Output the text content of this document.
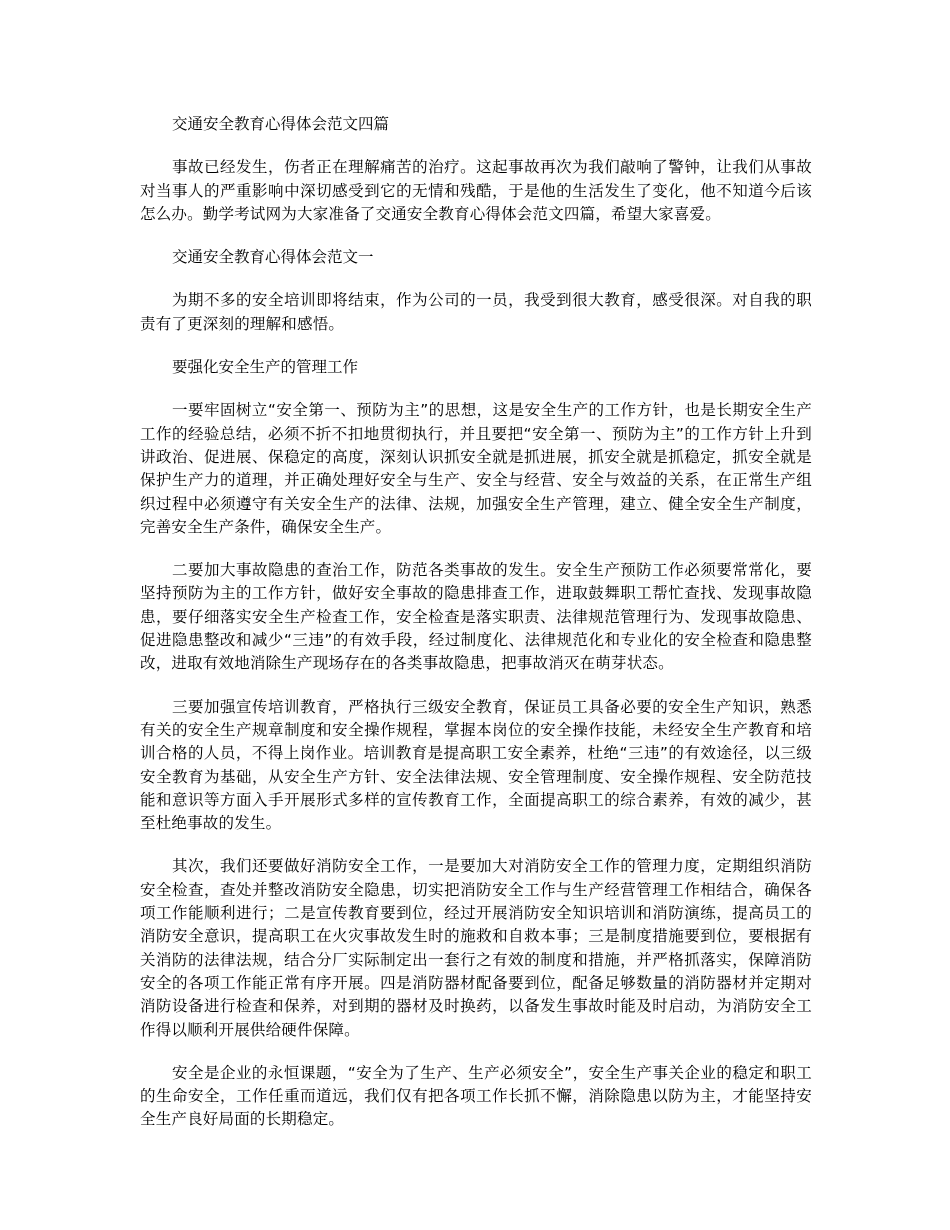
交通安全教育心得体会范文四篇

事故已经发生，伤者正在理解痛苦的治疗。这起事故再次为我们敲响了警钟，让我们从事故对当事人的严重影响中深切感受到它的无情和残酷，于是他的生活发生了变化，他不知道今后该怎么办。勤学考试网为大家准备了交通安全教育心得体会范文四篇，希望大家喜爱。

交通安全教育心得体会范文一

为期不多的安全培训即将结束，作为公司的一员，我受到很大教育，感受很深。对自我的职责有了更深刻的理解和感悟。

要强化安全生产的管理工作

一要牢固树立“安全第一、预防为主”的思想，这是安全生产的工作方针，也是长期安全生产工作的经验总结，必须不折不扣地贯彻执行，并且要把“安全第一、预防为主”的工作方针上升到讲政治、促进展、保稳定的高度，深刻认识抓安全就是抓进展，抓安全就是抓稳定，抓安全就是保护生产力的道理，并正确处理好安全与生产、安全与经营、安全与效益的关系，在正常生产组织过程中必须遵守有关安全生产的法律、法规，加强安全生产管理，建立、健全安全生产制度，完善安全生产条件，确保安全生产。

二要加大事故隐患的查治工作，防范各类事故的发生。安全生产预防工作必须要常常化，要坚持预防为主的工作方针，做好安全事故的隐患排查工作，进取鼓舞职工帮忙查找、发现事故隐患，要仔细落实安全生产检查工作，安全检查是落实职责、法律规范管理行为、发现事故隐患、促进隐患整改和减少“三违”的有效手段，经过制度化、法律规范化和专业化的安全检查和隐患整改，进取有效地消除生产现场存在的各类事故隐患，把事故消灭在萌芽状态。

三要加强宣传培训教育，严格执行三级安全教育，保证员工具备必要的安全生产知识，熟悉有关的安全生产规章制度和安全操作规程，掌握本岗位的安全操作技能，未经安全生产教育和培训合格的人员，不得上岗作业。培训教育是提高职工安全素养，杜绝“三违”的有效途径，以三级安全教育为基础，从安全生产方针、安全法律法规、安全管理制度、安全操作规程、安全防范技能和意识等方面入手开展形式多样的宣传教育工作，全面提高职工的综合素养，有效的减少，甚至杜绝事故的发生。

其次，我们还要做好消防安全工作，一是要加大对消防安全工作的管理力度，定期组织消防安全检查，查处并整改消防安全隐患，切实把消防安全工作与生产经营管理工作相结合，确保各项工作能顺利进行；二是宣传教育要到位，经过开展消防安全知识培训和消防演练，提高员工的消防安全意识，提高职工在火灾事故发生时的施救和自救本事；三是制度措施要到位，要根据有关消防的法律法规，结合分厂实际制定出一套行之有效的制度和措施，并严格抓落实，保障消防安全的各项工作能正常有序开展。四是消防器材配备要到位，配备足够数量的消防器材并定期对消防设备进行检查和保养，对到期的器材及时换药，以备发生事故时能及时启动，为消防安全工作得以顺利开展供给硬件保障。

安全是企业的永恒课题，“安全为了生产、生产必须安全”，安全生产事关企业的稳定和职工的生命安全，工作任重而道远，我们仅有把各项工作长抓不懈，消除隐患以防为主，才能坚持安全生产良好局面的长期稳定。
